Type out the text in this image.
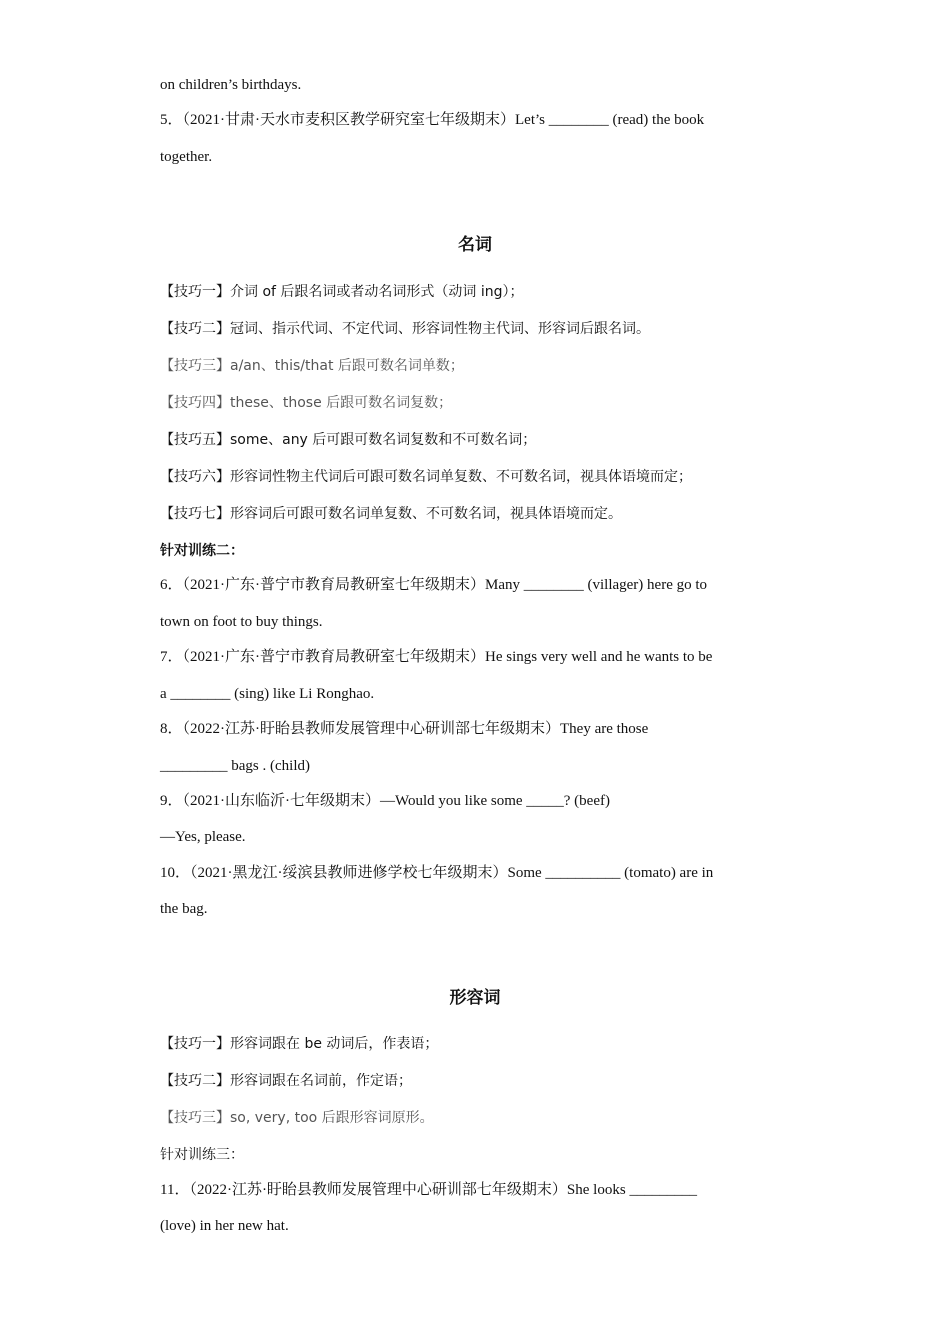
on children’s birthdays.
5．（2021·甘肃·天水市麦积区教学研究室七年级期末）Let’s ________ (read) the book
together.
名词
【技巧一】介词 of 后跟名词或者动名词形式（动词 ing）；
【技巧二】冠词、指示代词、不定代词、形容词性物主代词、形容词后跟名词。
【技巧三】a/an、this/that 后跟可数名词单数；
【技巧四】these、those 后跟可数名词复数；
【技巧五】some、any 后可跟可数名词复数和不可数名词；
【技巧六】形容词性物主代词后可跟可数名词单复数、不可数名词，视具体语境而定；
【技巧七】形容词后可跟可数名词单复数、不可数名词，视具体语境而定。
针对训练二：
6．（2021·广东·普宁市教育局教研室七年级期末）Many ________ (villager) here go to
town on foot to buy things.
7．（2021·广东·普宁市教育局教研室七年级期末）He sings very well and he wants to be
a ________ (sing) like Li Ronghao.
8．（2022·江苏·盱眙县教师发展管理中心研训部七年级期末）They are those
_________ bags . (child)
9．（2021·山东临沂·七年级期末）—Would you like some _____? (beef)
—Yes, please.
10．（2021·黑龙江·绥滨县教师进修学校七年级期末）Some __________ (tomato) are in
the bag.
形容词
【技巧一】形容词跟在 be 动词后，作表语；
【技巧二】形容词跟在名词前，作定语；
【技巧三】so, very, too 后跟形容词原形。
针对训练三：
11．（2022·江苏·盱眙县教师发展管理中心研训部七年级期末）She looks _________
(love) in her new hat.
